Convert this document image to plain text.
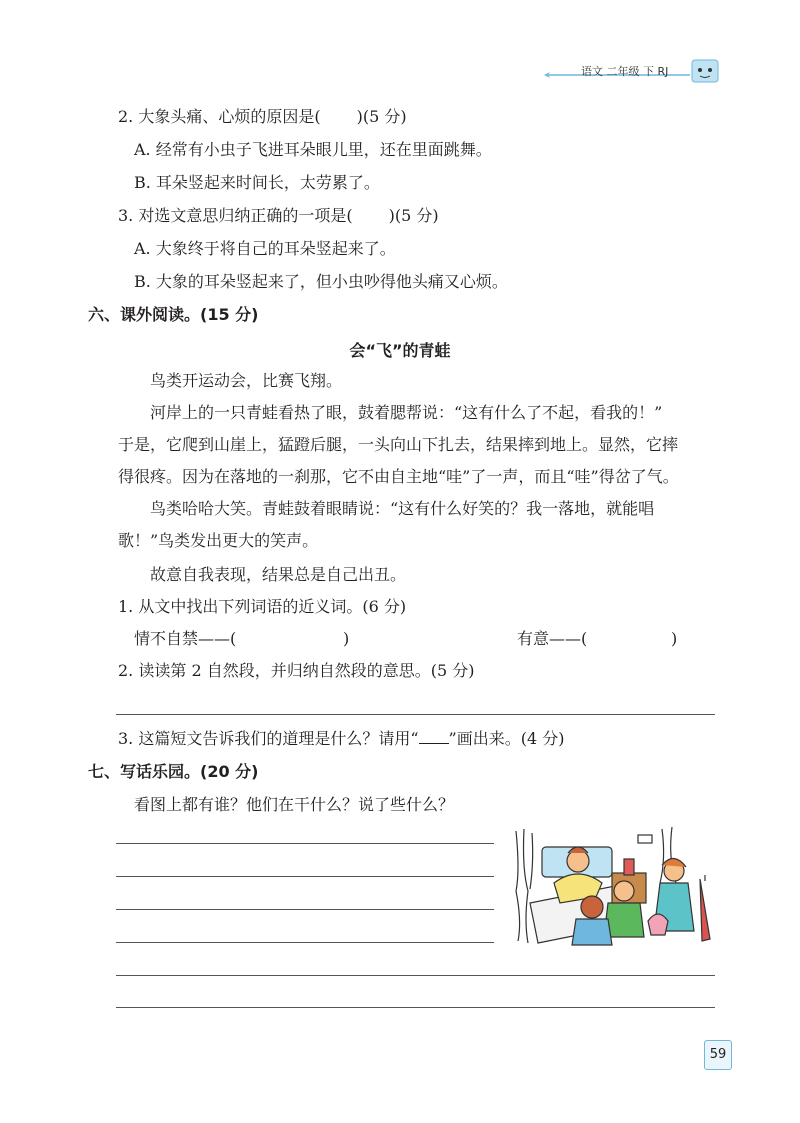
语文 二年级 下 RJ
2. 大象头痛、心烦的原因是( )(5 分)
A. 经常有小虫子飞进耳朵眼儿里，还在里面跳舞。
B. 耳朵竖起来时间长，太劳累了。
3. 对选文意思归纳正确的一项是( )(5 分)
A. 大象终于将自己的耳朵竖起来了。
B. 大象的耳朵竖起来了，但小虫吵得他头痛又心烦。
六、课外阅读。(15 分)
会“飞”的青蛙
鸟类开运动会，比赛飞翔。
河岸上的一只青蛙看热了眼，鼓着腮帮说：“这有什么了不起，看我的！”
于是，它爬到山崖上，猛蹬后腿，一头向山下扎去，结果摔到地上。显然，它摔
得很疼。因为在落地的一刹那，它不由自主地“哇”了一声，而且“哇”得岔了气。
鸟类哈哈大笑。青蛙鼓着眼睛说：“这有什么好笑的？我一落地，就能唱
歌！”鸟类发出更大的笑声。
故意自我表现，结果总是自己出丑。
1. 从文中找出下列词语的近义词。(6 分)
情不自禁——(	)	有意——(	)
2. 读读第 2 自然段，并归纳自然段的意思。(5 分)
3. 这篇短文告诉我们的道理是什么？请用“ ”画出来。(4 分)
七、写话乐园。(20 分)
看图上都有谁？他们在干什么？说了些什么？
59
